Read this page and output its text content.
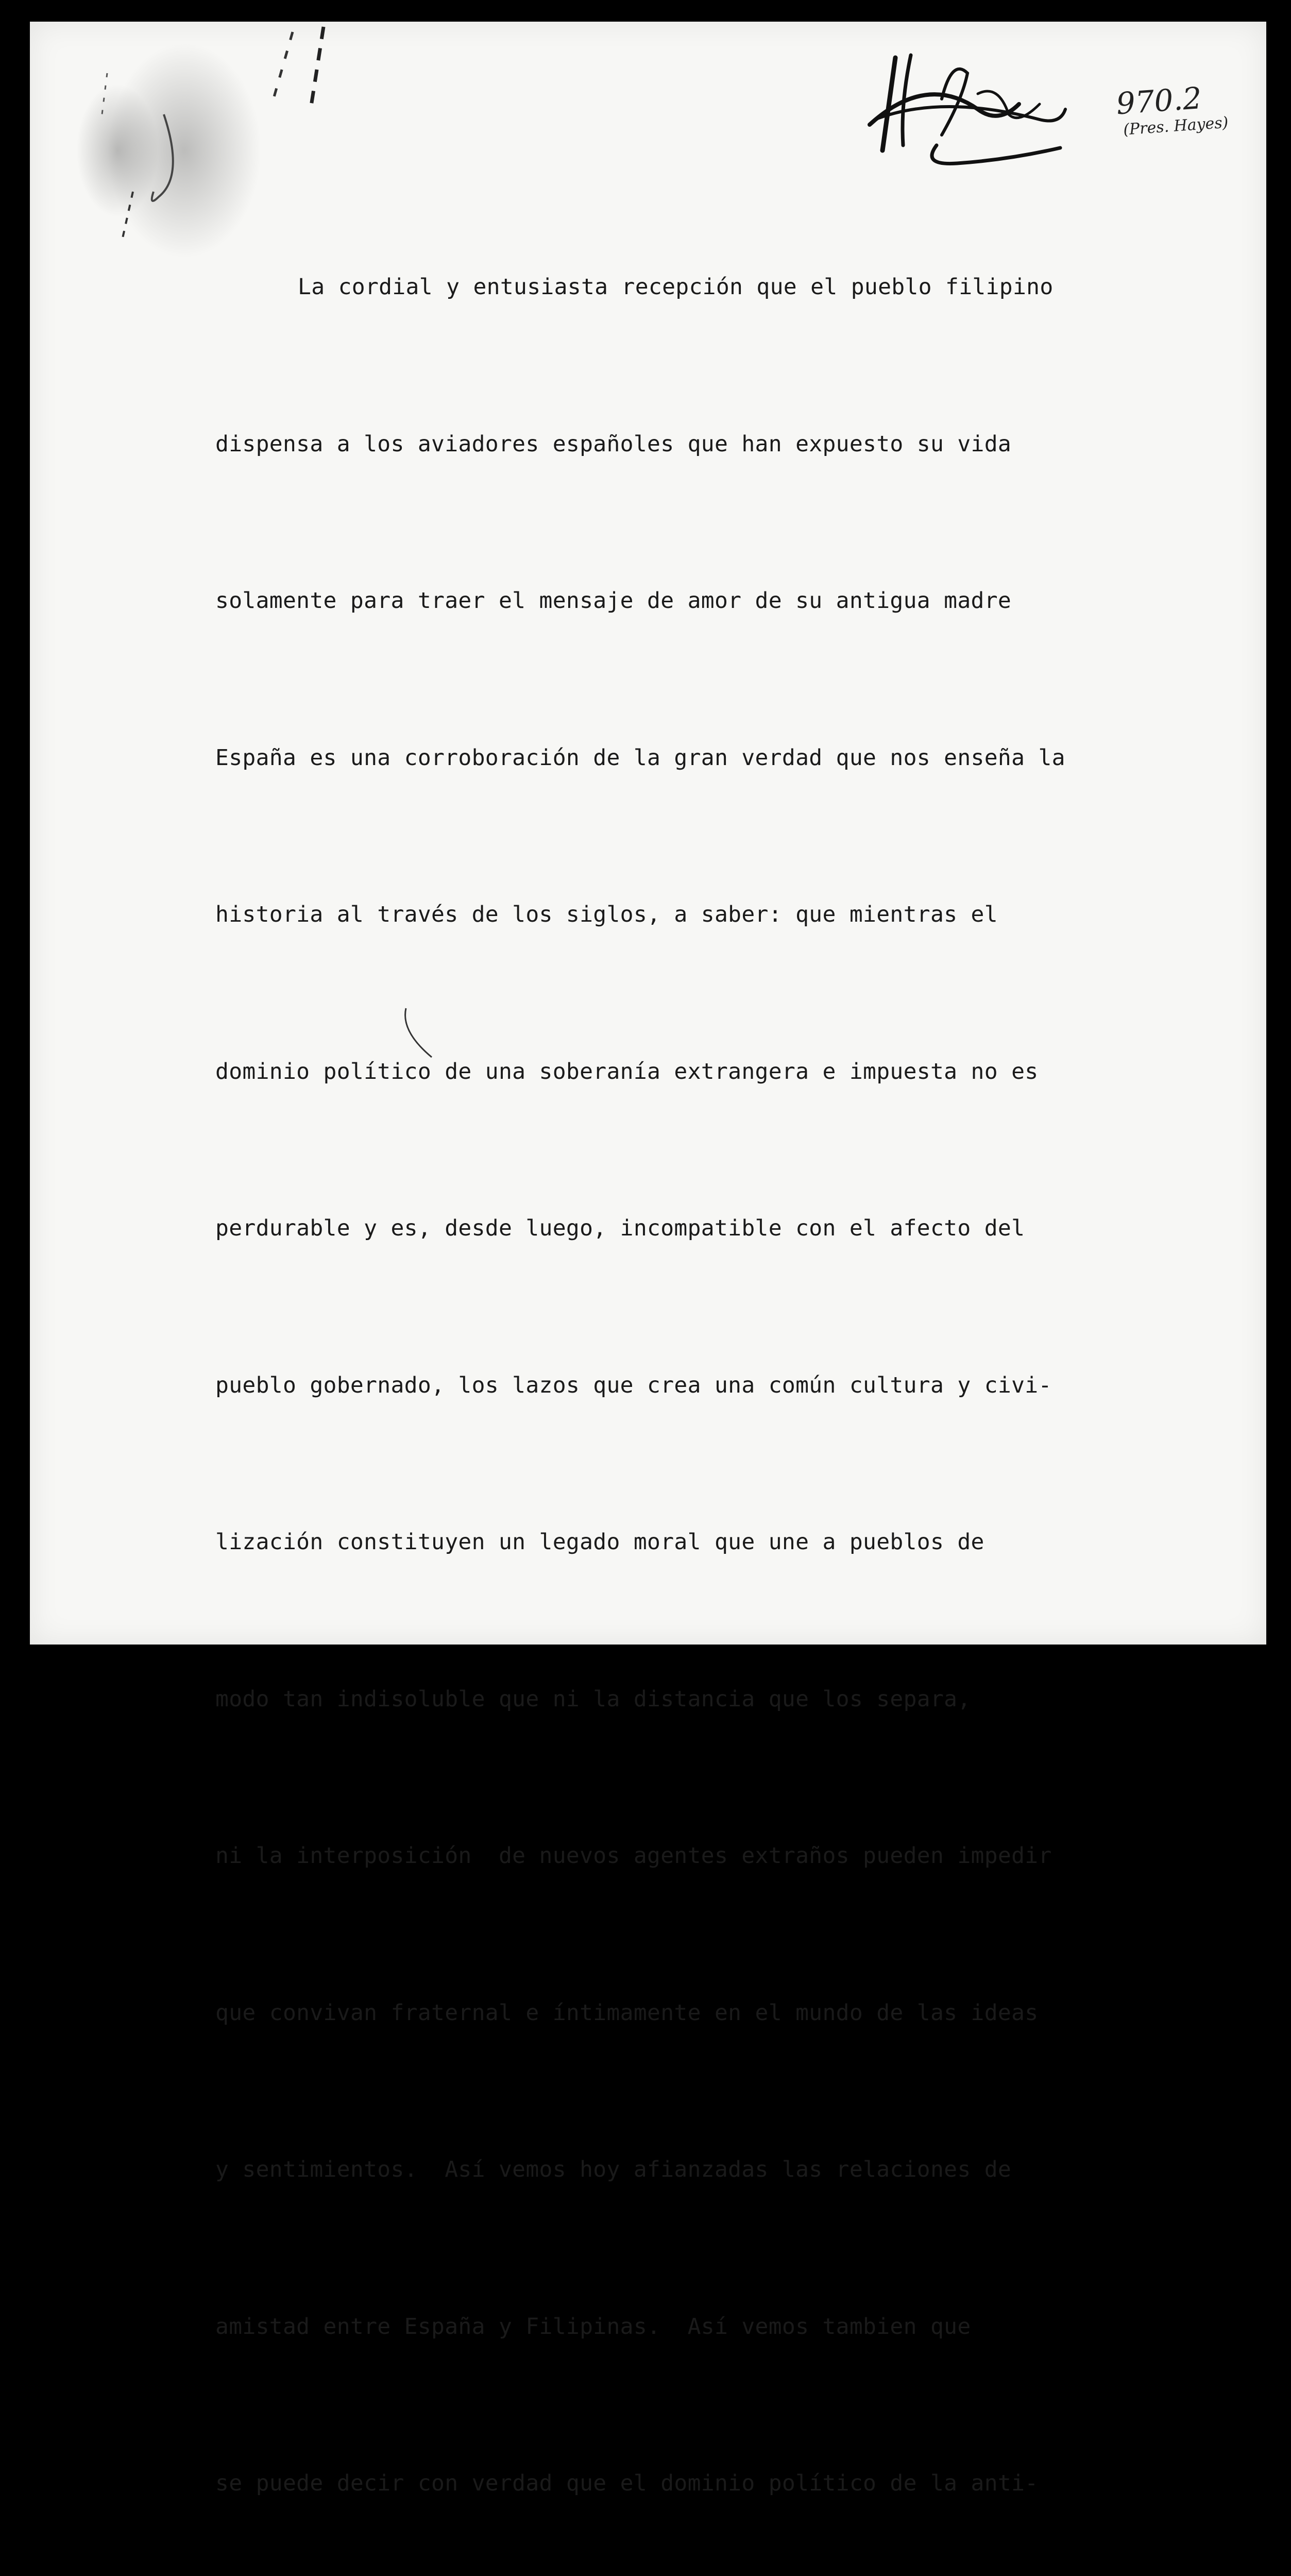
970.2
(Pres. Hayes)

La cordial y entusiasta recepción que el pueblo filipino

dispensa a los aviadores españoles que han expuesto su vida

solamente para traer el mensaje de amor de su antigua madre

España es una corroboración de la gran verdad que nos enseña la

historia al través de los siglos, a saber: que mientras el

dominio político de una soberanía extrangera e impuesta no es

perdurable y es, desde luego, incompatible con el afecto del

pueblo gobernado, los lazos que crea una común cultura y civi-

lización constituyen un legado moral que une a pueblos de

modo tan indisoluble que ni la distancia que los separa,

ni la interposición  de nuevos agentes extraños pueden impedir

que convivan fraternal e íntimamente en el mundo de las ideas

y sentimientos.  Así vemos hoy afianzadas las relaciones de

amistad entre España y Filipinas.  Así vemos tambien que

se puede decir con verdad que el dominio político de la anti-
